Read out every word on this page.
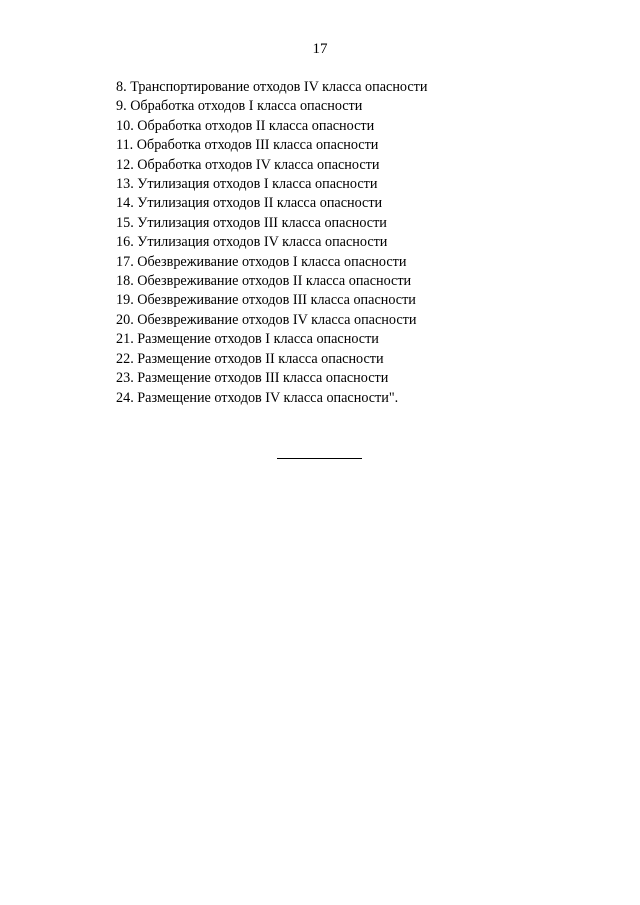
17
8. Транспортирование отходов IV класса опасности
9. Обработка отходов I класса опасности
10. Обработка отходов II класса опасности
11. Обработка отходов III класса опасности
12. Обработка отходов IV класса опасности
13. Утилизация отходов I класса опасности
14. Утилизация отходов II класса опасности
15. Утилизация отходов III класса опасности
16. Утилизация отходов IV класса опасности
17. Обезвреживание отходов I класса опасности
18. Обезвреживание отходов II класса опасности
19. Обезвреживание отходов III класса опасности
20. Обезвреживание отходов IV класса опасности
21. Размещение отходов I класса опасности
22. Размещение отходов II класса опасности
23. Размещение отходов III класса опасности
24. Размещение отходов IV класса опасности".
